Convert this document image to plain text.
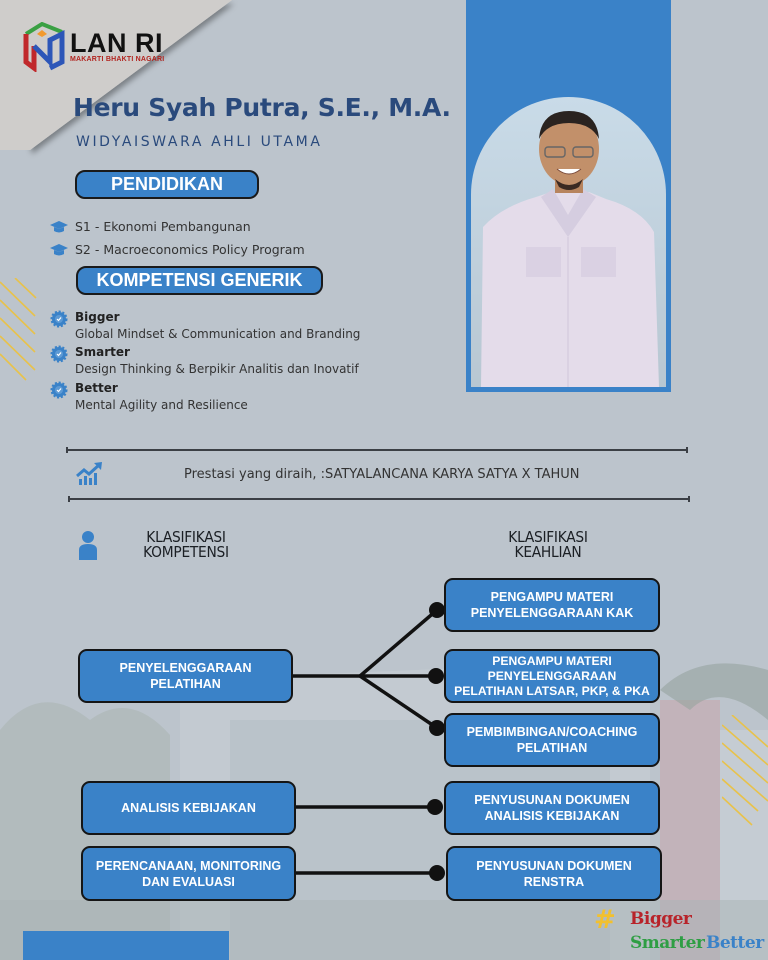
LAN RI
MAKARTI BHAKTI NAGARI
Heru Syah Putra, S.E., M.A.
WIDYAISWARA AHLI UTAMA
PENDIDIKAN
S1 - Ekonomi Pembangunan
S2 - Macroeconomics Policy Program
KOMPETENSI GENERIK
Bigger
Global Mindset & Communication and Branding
Smarter
Design Thinking & Berpikir Analitis dan Inovatif
Better
Mental Agility and Resilience
Prestasi yang diraih, :SATYALANCANA KARYA SATYA X TAHUN
KLASIFIKASI
KOMPETENSI
KLASIFIKASI
KEAHLIAN
PENYELENGGARAAN
PELATIHAN
ANALISIS KEBIJAKAN
PERENCANAAN, MONITORING
DAN EVALUASI
PENGAMPU MATERI
PENYELENGGARAAN KAK
PENGAMPU MATERI
PENYELENGGARAAN
PELATIHAN LATSAR, PKP, & PKA
PEMBIMBINGAN/COACHING
PELATIHAN
PENYUSUNAN DOKUMEN
ANALISIS KEBIJAKAN
PENYUSUNAN DOKUMEN
RENSTRA
# Bigger
Smarter Better
